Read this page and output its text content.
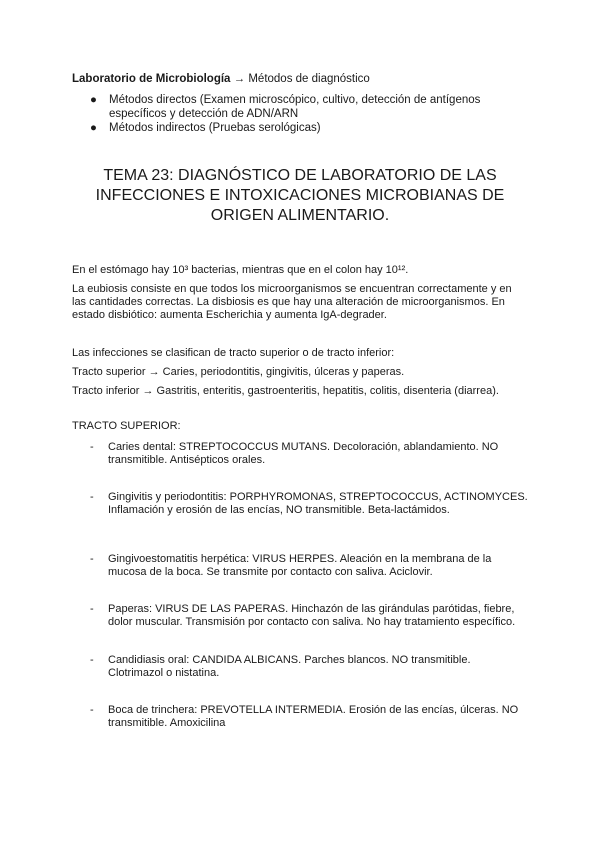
Laboratorio de Microbiología → Métodos de diagnóstico

● Métodos directos (Examen microscópico, cultivo, detección de antígenos específicos y detección de ADN/ARN
● Métodos indirectos (Pruebas serológicas)
TEMA 23: DIAGNÓSTICO DE LABORATORIO DE LAS INFECCIONES E INTOXICACIONES MICROBIANAS DE ORIGEN ALIMENTARIO.

En el estómago hay 10³ bacterias, mientras que en el colon hay 10¹².

La eubiosis consiste en que todos los microorganismos se encuentran correctamente y en las cantidades correctas. La disbiosis es que hay una alteración de microorganismos. En estado disbiótico: aumenta Escherichia y aumenta IgA-degrader.

Las infecciones se clasifican de tracto superior o de tracto inferior:

Tracto superior → Caries, periodontitis, gingivitis, úlceras y paperas.

Tracto inferior → Gastritis, enteritis, gastroenteritis, hepatitis, colitis, disenteria (diarrea).

TRACTO SUPERIOR:

- Caries dental: STREPTOCOCCUS MUTANS. Decoloración, ablandamiento. NO transmitible. Antisépticos orales.
- Gingivitis y periodontitis: PORPHYROMONAS, STREPTOCOCCUS, ACTINOMYCES. Inflamación y erosión de las encías, NO transmitible. Beta-lactámidos.
- Gingivoestomatitis herpética: VIRUS HERPES. Aleación en la membrana de la mucosa de la boca. Se transmite por contacto con saliva. Aciclovir.
- Paperas: VIRUS DE LAS PAPERAS. Hinchazón de las girándulas parótidas, fiebre, dolor muscular. Transmisión por contacto con saliva. No hay tratamiento específico.
- Candidiasis oral: CANDIDA ALBICANS. Parches blancos. NO transmitible. Clotrimazol o nistatina.
- Boca de trinchera: PREVOTELLA INTERMEDIA. Erosión de las encías, úlceras. NO transmitible. Amoxicilina
